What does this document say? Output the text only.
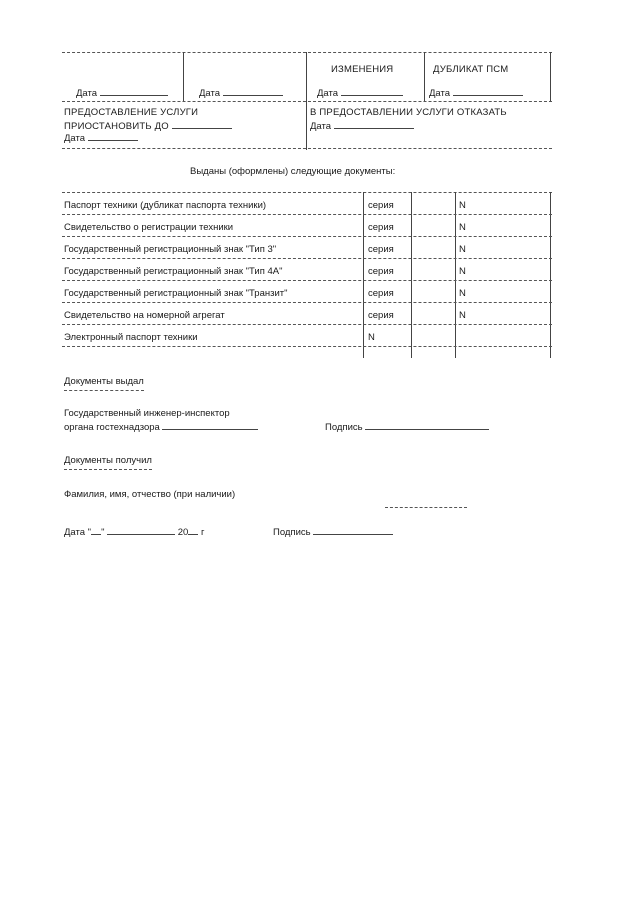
ИЗМЕНЕНИЯ	ДУБЛИКАТ ПСМ
Дата	Дата	Дата	Дата
ПРЕДОСТАВЛЕНИЕ УСЛУГИ
ПРИОСТАНОВИТЬ ДО
Дата
В ПРЕДОСТАВЛЕНИИ УСЛУГИ ОТКАЗАТЬ
Дата
Выданы (оформлены) следующие документы:
Паспорт техники (дубликат паспорта техники)	серия	N
Свидетельство о регистрации техники	серия	N
Государственный регистрационный знак "Тип 3"	серия	N
Государственный регистрационный знак "Тип 4А"	серия	N
Государственный регистрационный знак "Транзит"	серия	N
Свидетельство на номерной агрегат	серия	N
Электронный паспорт техники	N
Документы выдал
Государственный инженер-инспектор
органа гостехнадзора	Подпись
Документы получил
Фамилия, имя, отчество (при наличии)
Дата " "	20 г	Подпись
